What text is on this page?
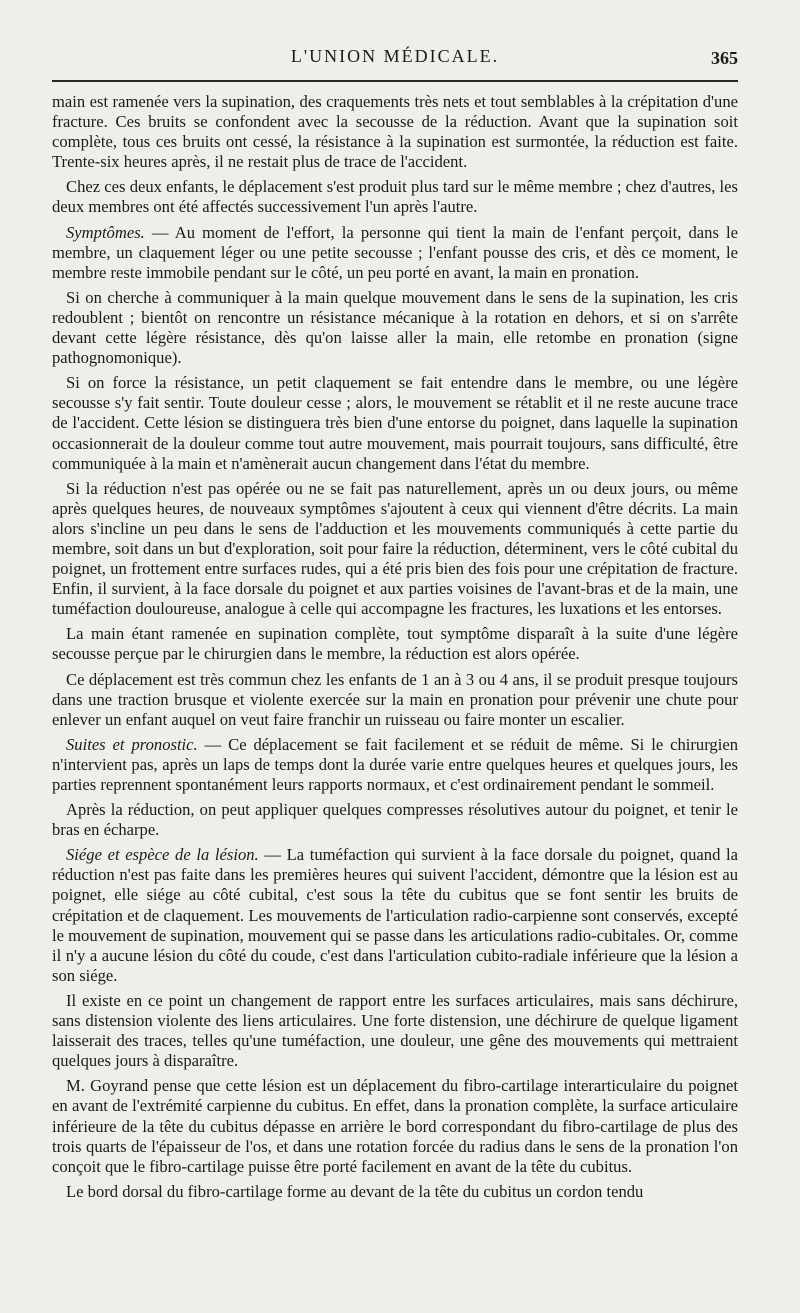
L'UNION MÉDICALE.	365

main est ramenée vers la supination, des craquements très nets et tout semblables à la crépitation d'une fracture. Ces bruits se confondent avec la secousse de la réduction. Avant que la supination soit complète, tous ces bruits ont cessé, la résistance à la supination est surmontée, la réduction est faite. Trente-six heures après, il ne restait plus de trace de l'accident.

Chez ces deux enfants, le déplacement s'est produit plus tard sur le même membre ; chez d'autres, les deux membres ont été affectés successivement l'un après l'autre.

Symptômes. — Au moment de l'effort, la personne qui tient la main de l'enfant perçoit, dans le membre, un claquement léger ou une petite secousse ; l'enfant pousse des cris, et dès ce moment, le membre reste immobile pendant sur le côté, un peu porté en avant, la main en pronation.

Si on cherche à communiquer à la main quelque mouvement dans le sens de la supination, les cris redoublent ; bientôt on rencontre un résistance mécanique à la rotation en dehors, et si on s'arrête devant cette légère résistance, dès qu'on laisse aller la main, elle retombe en pronation (signe pathognomonique).

Si on force la résistance, un petit claquement se fait entendre dans le membre, ou une légère secousse s'y fait sentir. Toute douleur cesse ; alors, le mouvement se rétablit et il ne reste aucune trace de l'accident. Cette lésion se distinguera très bien d'une entorse du poignet, dans laquelle la supination occasionnerait de la douleur comme tout autre mouvement, mais pourrait toujours, sans difficulté, être communiquée à la main et n'amènerait aucun changement dans l'état du membre.

Si la réduction n'est pas opérée ou ne se fait pas naturellement, après un ou deux jours, ou même après quelques heures, de nouveaux symptômes s'ajoutent à ceux qui viennent d'être décrits. La main alors s'incline un peu dans le sens de l'adduction et les mouvements communiqués à cette partie du membre, soit dans un but d'exploration, soit pour faire la réduction, déterminent, vers le côté cubital du poignet, un frottement entre surfaces rudes, qui a été pris bien des fois pour une crépitation de fracture. Enfin, il survient, à la face dorsale du poignet et aux parties voisines de l'avant-bras et de la main, une tuméfaction douloureuse, analogue à celle qui accompagne les fractures, les luxations et les entorses.

La main étant ramenée en supination complète, tout symptôme disparaît à la suite d'une légère secousse perçue par le chirurgien dans le membre, la réduction est alors opérée.

Ce déplacement est très commun chez les enfants de 1 an à 3 ou 4 ans, il se produit presque toujours dans une traction brusque et violente exercée sur la main en pronation pour prévenir une chute pour enlever un enfant auquel on veut faire franchir un ruisseau ou faire monter un escalier.

Suites et pronostic. — Ce déplacement se fait facilement et se réduit de même. Si le chirurgien n'intervient pas, après un laps de temps dont la durée varie entre quelques heures et quelques jours, les parties reprennent spontanément leurs rapports normaux, et c'est ordinairement pendant le sommeil.

Après la réduction, on peut appliquer quelques compresses résolutives autour du poignet, et tenir le bras en écharpe.

Siége et espèce de la lésion. — La tuméfaction qui survient à la face dorsale du poignet, quand la réduction n'est pas faite dans les premières heures qui suivent l'accident, démontre que la lésion est au poignet, elle siége au côté cubital, c'est sous la tête du cubitus que se font sentir les bruits de crépitation et de claquement. Les mouvements de l'articulation radio-carpienne sont conservés, excepté le mouvement de supination, mouvement qui se passe dans les articulations radio-cubitales. Or, comme il n'y a aucune lésion du côté du coude, c'est dans l'articulation cubito-radiale inférieure que la lésion a son siége.

Il existe en ce point un changement de rapport entre les surfaces articulaires, mais sans déchirure, sans distension violente des liens articulaires. Une forte distension, une déchirure de quelque ligament laisserait des traces, telles qu'une tuméfaction, une douleur, une gêne des mouvements qui mettraient quelques jours à disparaître.

M. Goyrand pense que cette lésion est un déplacement du fibro-cartilage interarticulaire du poignet en avant de l'extrémité carpienne du cubitus. En effet, dans la pronation complète, la surface articulaire inférieure de la tête du cubitus dépasse en arrière le bord correspondant du fibro-cartilage de plus des trois quarts de l'épaisseur de l'os, et dans une rotation forcée du radius dans le sens de la pronation l'on conçoit que le fibro-cartilage puisse être porté facilement en avant de la tête du cubitus.

Le bord dorsal du fibro-cartilage forme au devant de la tête du cubitus un cordon tendu
